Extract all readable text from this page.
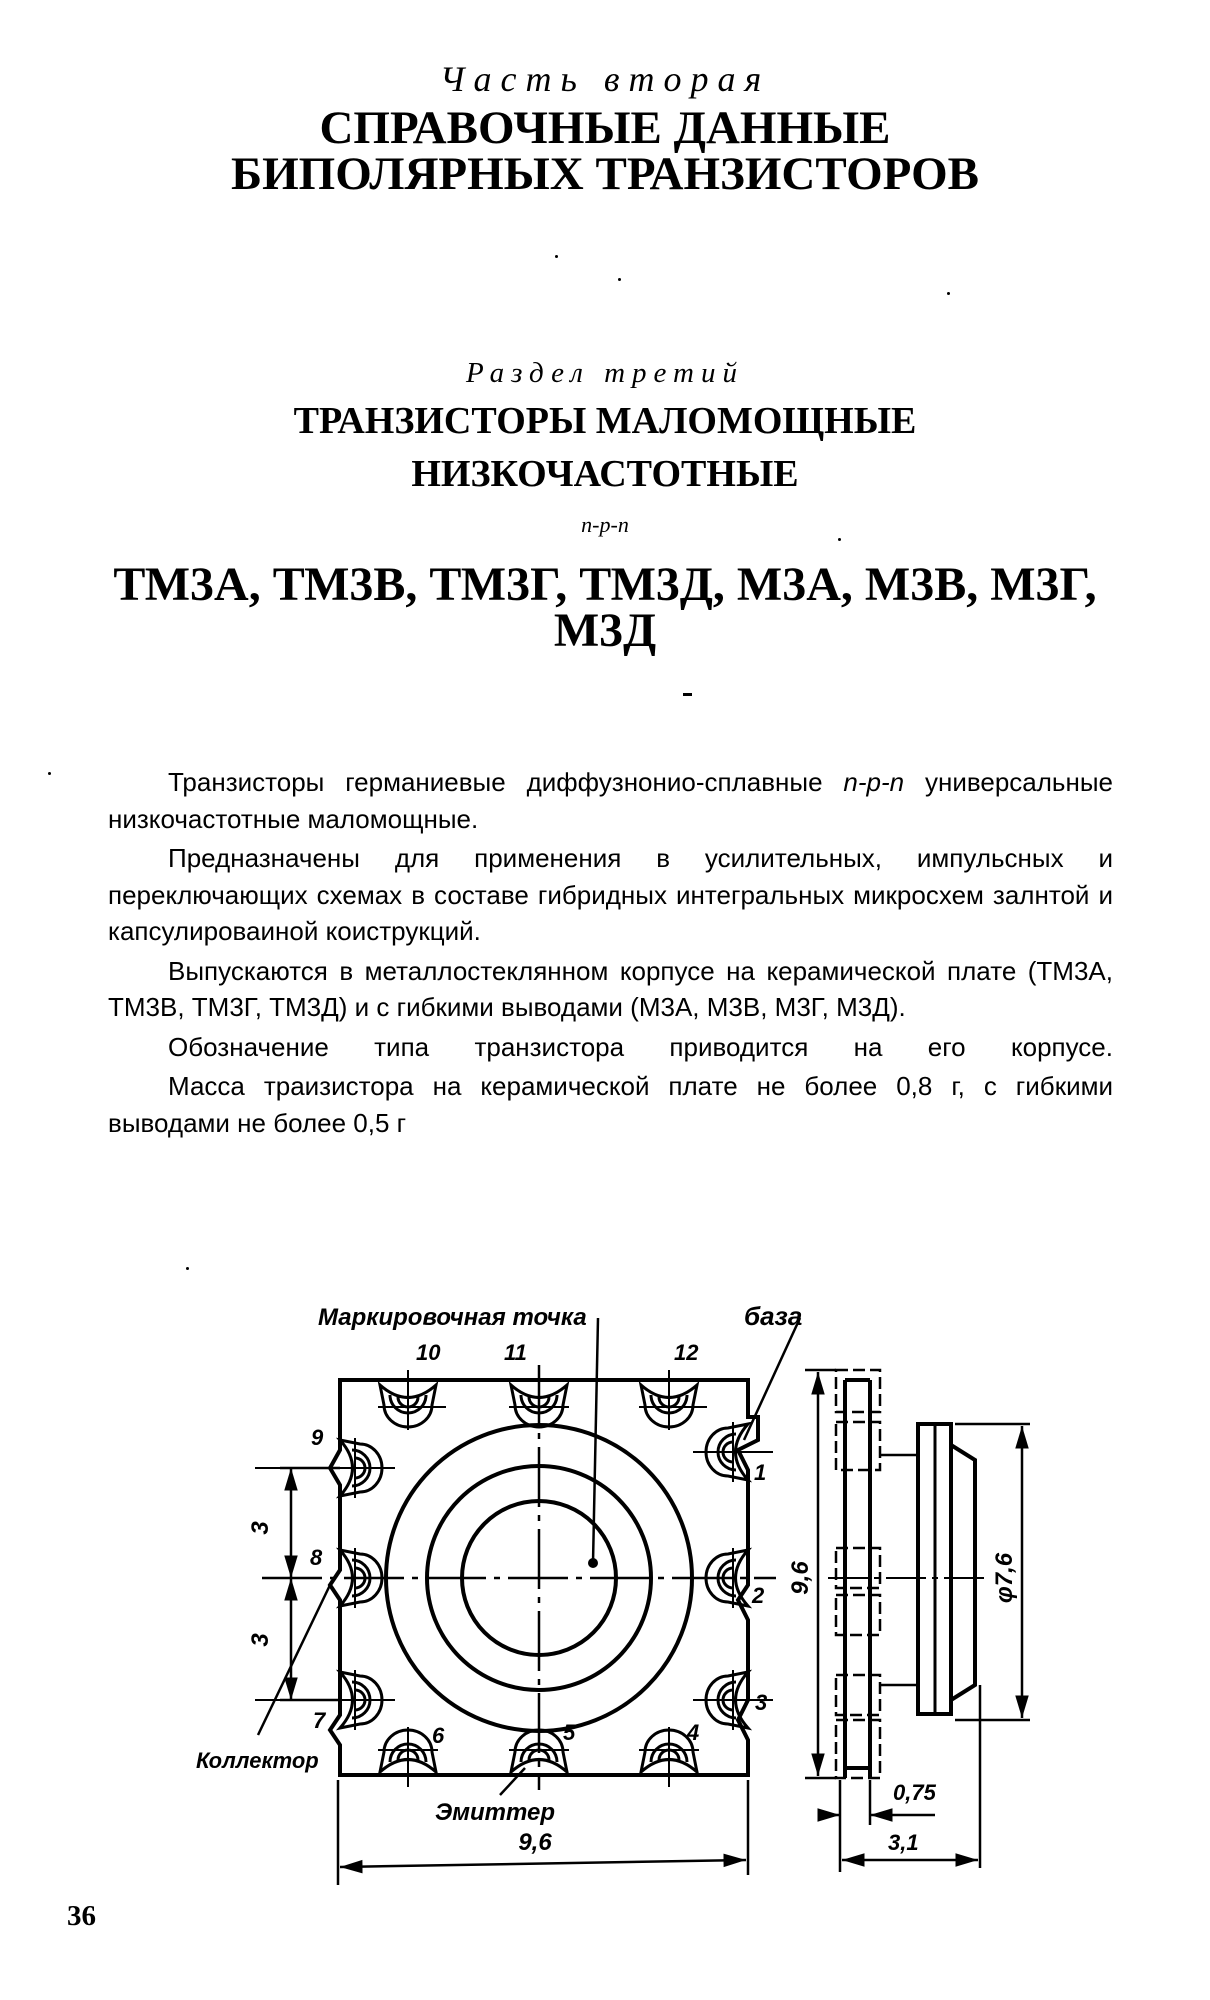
Часть вторая
СПРАВОЧНЫЕ ДАННЫЕ БИПОЛЯРНЫХ ТРАНЗИСТОРОВ
Раздел третий
ТРАНЗИСТОРЫ МАЛОМОЩНЫЕ
НИЗКОЧАСТОТНЫЕ
n-p-n
ТМ3А, ТМ3В, ТМ3Г, ТМ3Д, М3А, М3В, М3Г,
М3Д

Транзисторы германиевые диффузнонио-сплавные n-p-n универсальные низкочастотные маломощные.

Предназначены для применения в усилительных, импульсных и переключающих схемах в составе гибридных интегральных микросхем залнтой и капсулироваиной коиструкций.

Выпускаются в металлостеклянном корпусе на керамической плате (ТМ3А, ТМ3В, ТМ3Г, ТМ3Д) и с гибкими выводами (М3А, М3В, М3Г, М3Д).

Обозначение типа транзистора приводится на его корпусе.

Масса траизистора на керамической плате не более 0,8 г, с гибкими выводами не более 0,5 г

Маркировочная точка	база
Коллектор
Эмиттер
10	11	12
9
8
7
6	5	4
3
2
1
3
3
9,6
9,6	φ7,6
0,75
3,1
36
